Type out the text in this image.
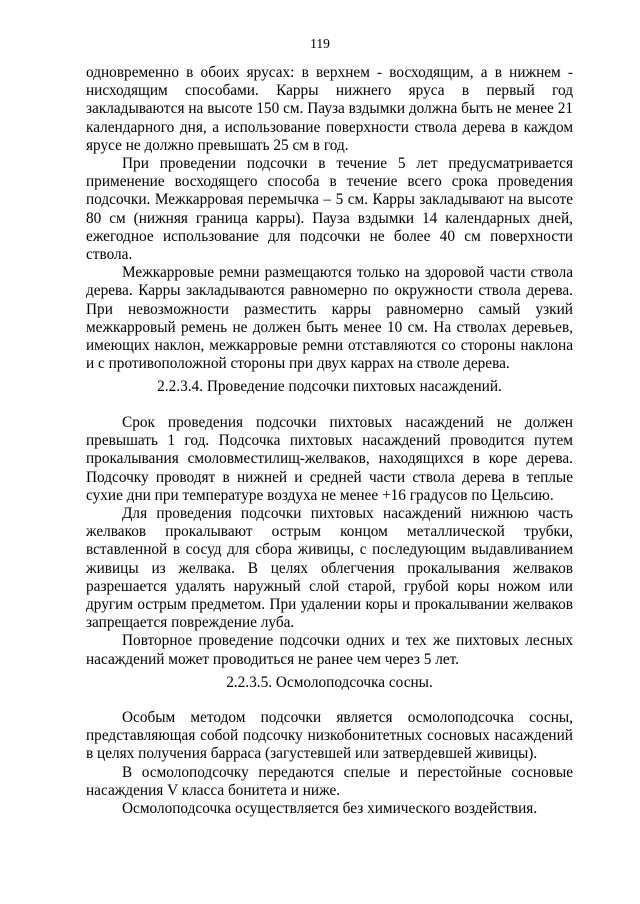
119

одновременно в обоих ярусах: в верхнем - восходящим, а в нижнем - нисходящим способами. Карры нижнего яруса в первый год закладываются на высоте 150 см. Пауза вздымки должна быть не менее 21 календарного дня, а использование поверхности ствола дерева в каждом ярусе не должно превышать 25 см в год.

При проведении подсочки в течение 5 лет предусматривается применение восходящего способа в течение всего срока проведения подсочки. Межкарровая перемычка – 5 см. Карры закладывают на высоте 80 см (нижняя граница карры). Пауза вздымки 14 календарных дней, ежегодное использование для подсочки не более 40 см поверхности ствола.

Межкарровые ремни размещаются только на здоровой части ствола дерева. Карры закладываются равномерно по окружности ствола дерева. При невозможности разместить карры равномерно самый узкий межкарровый ремень не должен быть менее 10 см. На стволах деревьев, имеющих наклон, межкарровые ремни отставляются со стороны наклона и с противоположной стороны при двух каррах на стволе дерева.

2.2.3.4. Проведение подсочки пихтовых насаждений.

Срок проведения подсочки пихтовых насаждений не должен превышать 1 год. Подсочка пихтовых насаждений проводится путем прокалывания смоловместилищ-желвакoв, находящихся в коре дерева. Подсочку проводят в нижней и средней части ствола дерева в теплые сухие дни при температуре воздуха не менее +16 градусов по Цельсию.

Для проведения подсочки пихтовых насаждений нижнюю часть желваков прокалывают острым концом металлической трубки, вставленной в сосуд для сбора живицы, с последующим выдавливанием живицы из желвака. В целях облегчения прокалывания желваков разрешается удалять наружный слой старой, грубой коры ножом или другим острым предметом. При удалении коры и прокалывании желваков запрещается повреждение луба.

Повторное проведение подсочки одних и тех же пихтовых лесных насаждений может проводиться не ранее чем через 5 лет.

2.2.3.5. Осмолоподсочка сосны.

Особым методом подсочки является осмолоподсочка сосны, представляющая собой подсочку низкобонитетных сосновых насаждений в целях получения барраса (загустевшей или затвердевшей живицы).

В осмолоподсочку передаются спелые и перестойные сосновые насаждения V класса бонитета и ниже.

Осмолоподсочка осуществляется без химического воздействия.
